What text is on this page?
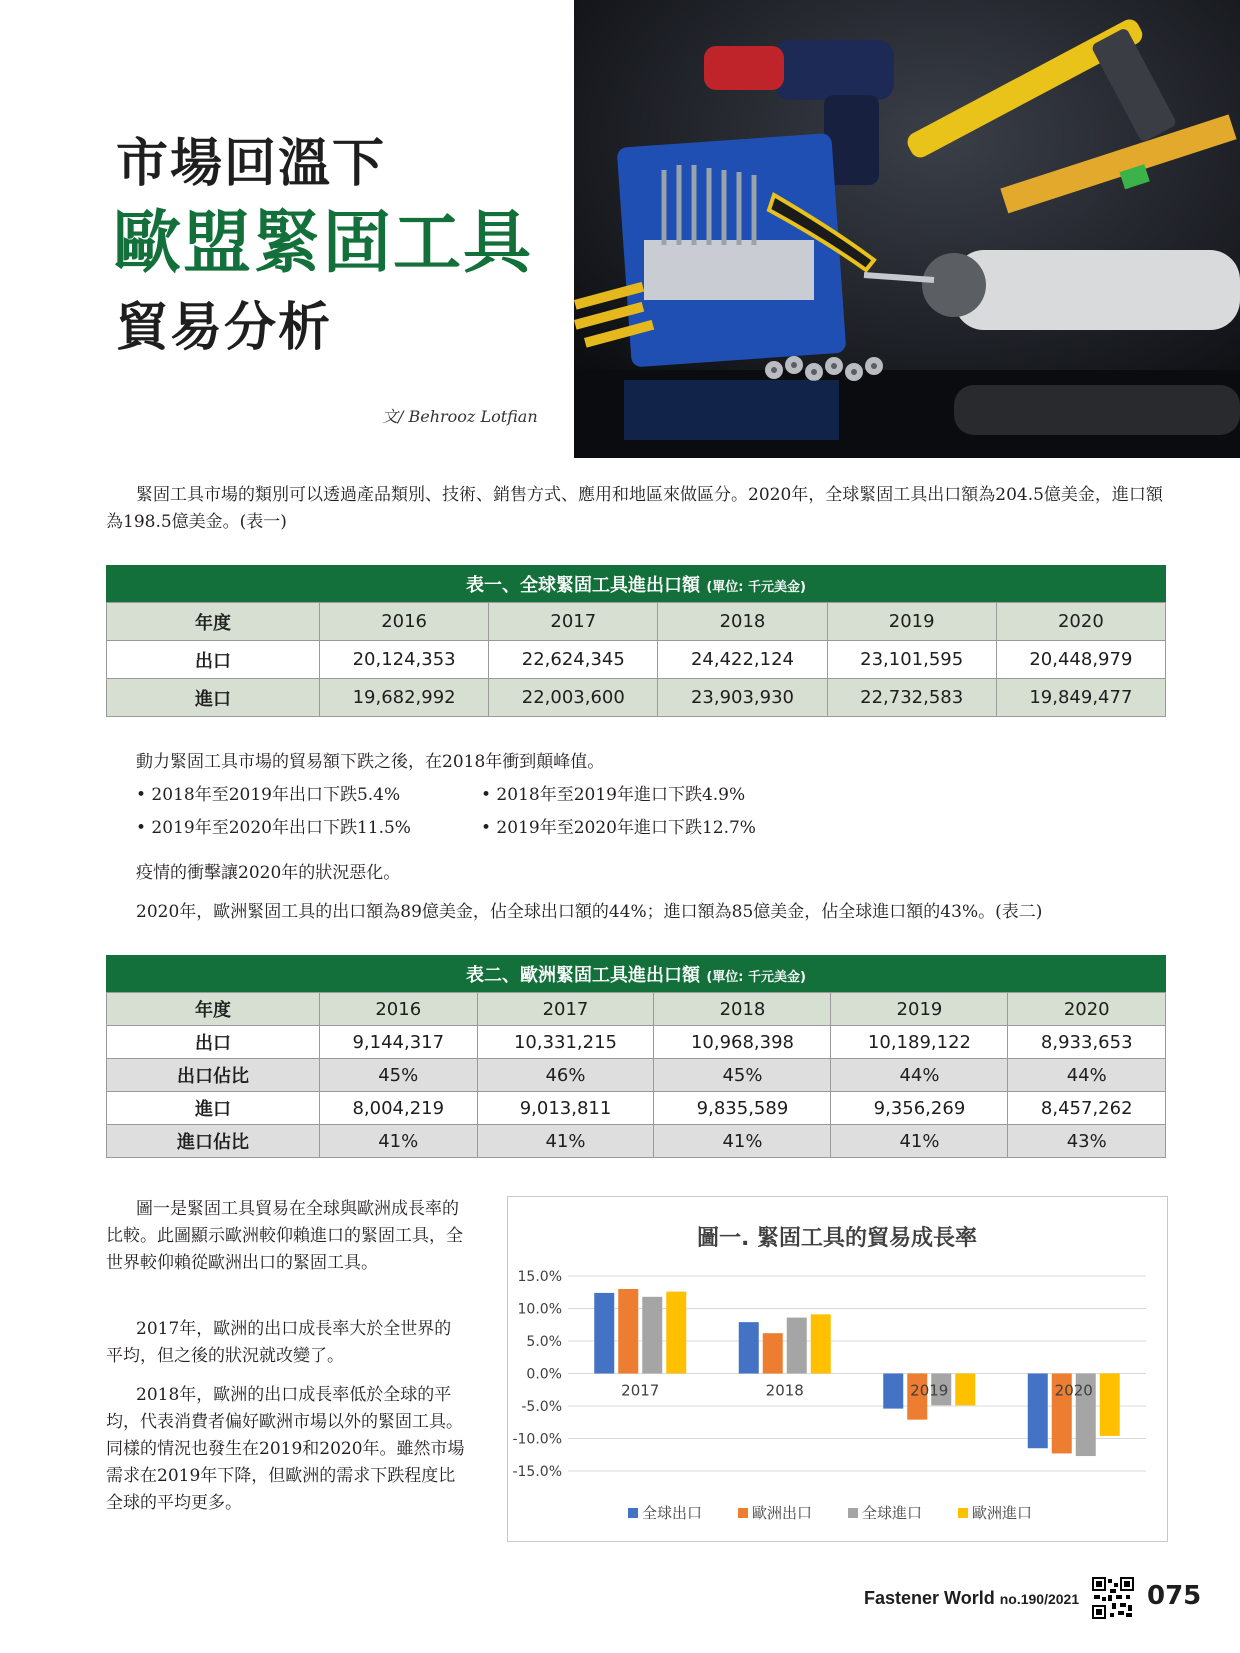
市場回溫下
歐盟緊固工具
貿易分析
文/ Behrooz Lotfian
緊固工具市場的類別可以透過產品類別、技術、銷售方式、應用和地區來做區分。2020年，全球緊固工具出口額為204.5億美金，進口額為198.5億美金。(表一)
表一、全球緊固工具進出口額 (單位: 千元美金)
年度	2016	2017	2018	2019	2020
出口	20,124,353	22,624,345	24,422,124	23,101,595	20,448,979
進口	19,682,992	22,003,600	23,903,930	22,732,583	19,849,477
動力緊固工具市場的貿易額下跌之後，在2018年衝到顛峰值。
• 2018年至2019年出口下跌5.4%	• 2018年至2019年進口下跌4.9%
• 2019年至2020年出口下跌11.5%	• 2019年至2020年進口下跌12.7%
疫情的衝擊讓2020年的狀況惡化。
2020年，歐洲緊固工具的出口額為89億美金，佔全球出口額的44%；進口額為85億美金，佔全球進口額的43%。(表二)
表二、歐洲緊固工具進出口額 (單位: 千元美金)
年度	2016	2017	2018	2019	2020
出口	9,144,317	10,331,215	10,968,398	10,189,122	8,933,653
出口佔比	45%	46%	45%	44%	44%
進口	8,004,219	9,013,811	9,835,589	9,356,269	8,457,262
進口佔比	41%	41%	41%	41%	43%
圖一是緊固工具貿易在全球與歐洲成長率的比較。此圖顯示歐洲較仰賴進口的緊固工具，全世界較仰賴從歐洲出口的緊固工具。
2017年，歐洲的出口成長率大於全世界的平均，但之後的狀況就改變了。
2018年，歐洲的出口成長率低於全球的平均，代表消費者偏好歐洲市場以外的緊固工具。同樣的情況也發生在2019和2020年。雖然市場需求在2019年下降，但歐洲的需求下跌程度比全球的平均更多。
圖一. 緊固工具的貿易成長率
15.0%
10.0%
5.0%
0.0%
-5.0%
-10.0%
-15.0%
2017	2018	2019	2020
全球出口	歐洲出口	全球進口	歐洲進口
Fastener World no.190/2021	075
